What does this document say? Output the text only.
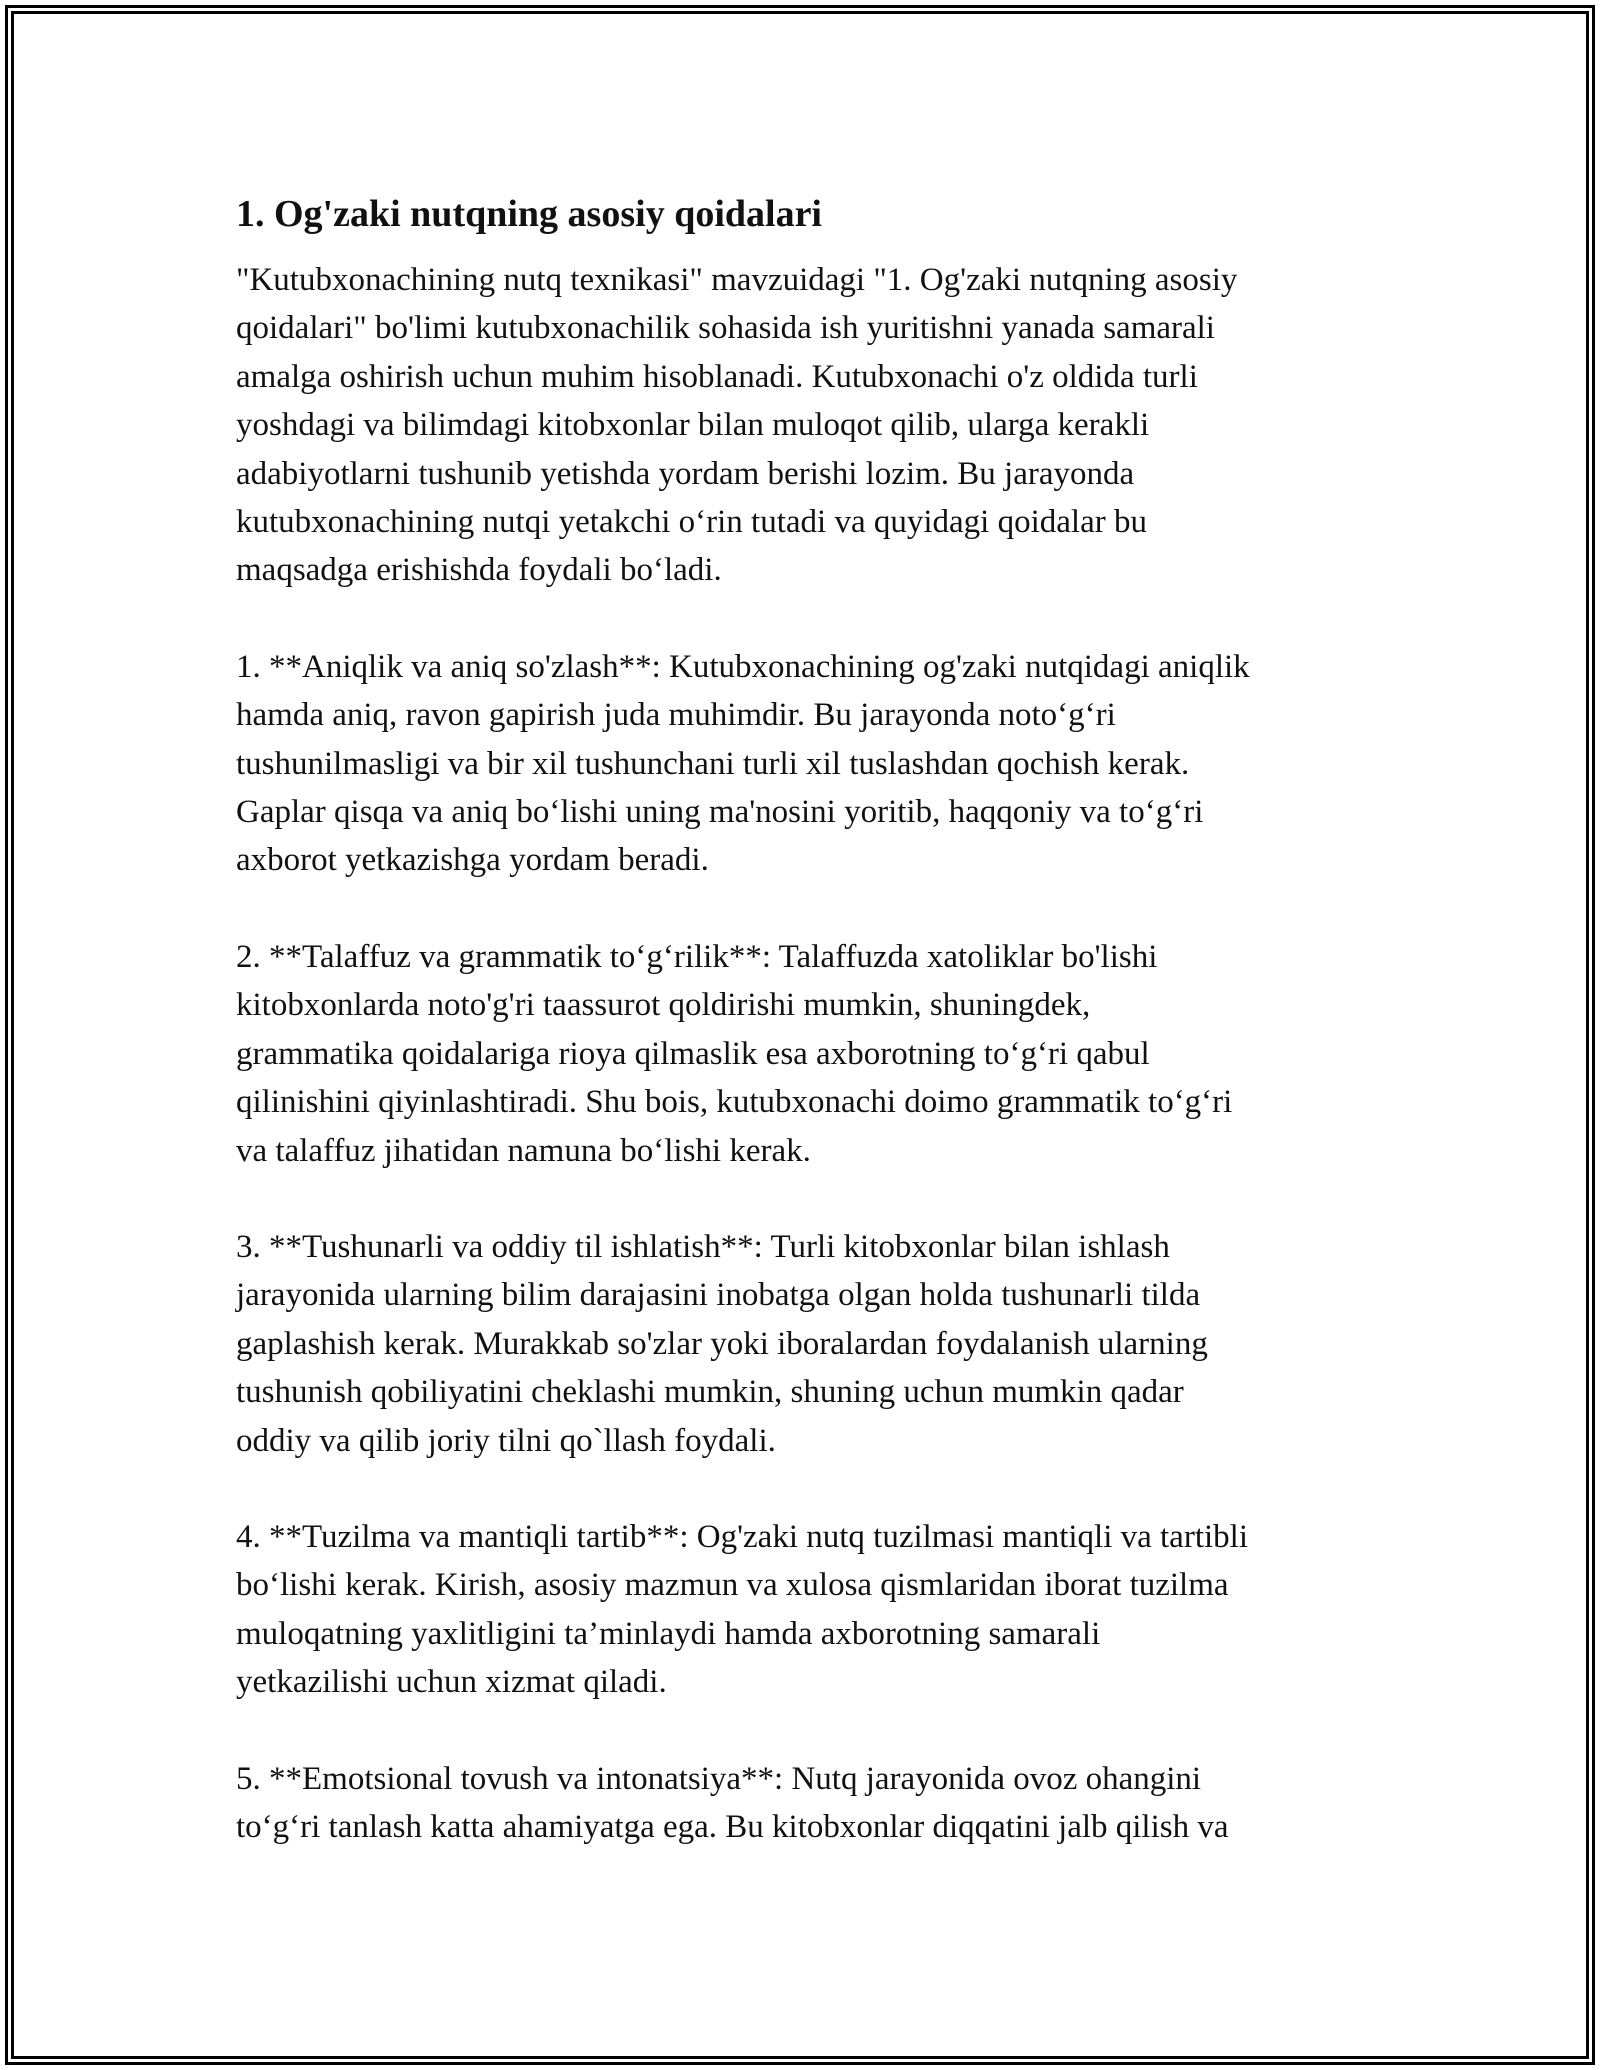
1. Og'zaki nutqning asosiy qoidalari
"Kutubxonachining nutq texnikasi" mavzuidagi "1. Og'zaki nutqning asosiy
qoidalari" bo'limi kutubxonachilik sohasida ish yuritishni yanada samarali
amalga oshirish uchun muhim hisoblanadi. Kutubxonachi o'z oldida turli
yoshdagi va bilimdagi kitobxonlar bilan muloqot qilib, ularga kerakli
adabiyotlarni tushunib yetishda yordam berishi lozim. Bu jarayonda
kutubxonachining nutqi yetakchi o‘rin tutadi va quyidagi qoidalar bu
maqsadga erishishda foydali bo‘ladi.
1. **Aniqlik va aniq so'zlash**: Kutubxonachining og'zaki nutqidagi aniqlik
hamda aniq, ravon gapirish juda muhimdir. Bu jarayonda noto‘g‘ri
tushunilmasligi va bir xil tushunchani turli xil tuslashdan qochish kerak.
Gaplar qisqa va aniq bo‘lishi uning ma'nosini yoritib, haqqoniy va to‘g‘ri
axborot yetkazishga yordam beradi.
2. **Talaffuz va grammatik to‘g‘rilik**: Talaffuzda xatoliklar bo'lishi
kitobxonlarda noto'g'ri taassurot qoldirishi mumkin, shuningdek,
grammatika qoidalariga rioya qilmaslik esa axborotning to‘g‘ri qabul
qilinishini qiyinlashtiradi. Shu bois, kutubxonachi doimo grammatik to‘g‘ri
va talaffuz jihatidan namuna bo‘lishi kerak.
3. **Tushunarli va oddiy til ishlatish**: Turli kitobxonlar bilan ishlash
jarayonida ularning bilim darajasini inobatga olgan holda tushunarli tilda
gaplashish kerak. Murakkab so'zlar yoki iboralardan foydalanish ularning
tushunish qobiliyatini cheklashi mumkin, shuning uchun mumkin qadar
oddiy va qilib joriy tilni qo`llash foydali.
4. **Tuzilma va mantiqli tartib**: Og'zaki nutq tuzilmasi mantiqli va tartibli
bo‘lishi kerak. Kirish, asosiy mazmun va xulosa qismlaridan iborat tuzilma
muloqatning yaxlitligini ta’minlaydi hamda axborotning samarali
yetkazilishi uchun xizmat qiladi.
5. **Emotsional tovush va intonatsiya**: Nutq jarayonida ovoz ohangini
to‘g‘ri tanlash katta ahamiyatga ega. Bu kitobxonlar diqqatini jalb qilish va
